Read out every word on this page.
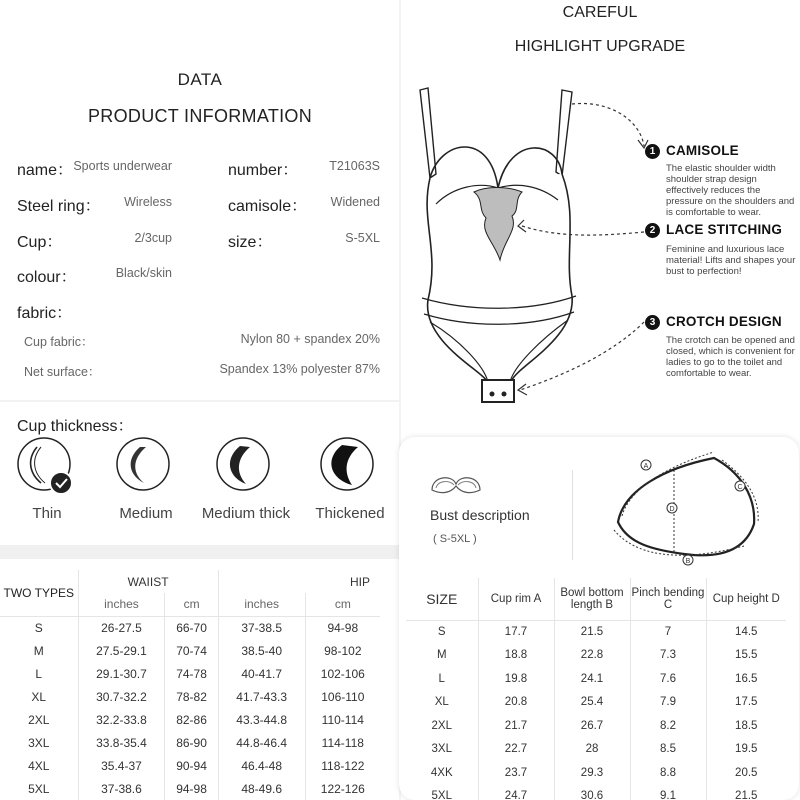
DATA
PRODUCT INFORMATION
name： Sports underwear	number：	T21063S
Steel ring： Wireless	camisole：	Widened
Cup：	2/3cup	size：	S-5XL
colour：	Black/skin
fabric：
Cup fabric：	Nylon 80 + spandex 20%
Net surface：	Spandex 13% polyester 87%
Cup thickness：
Thin	Medium	Medium thick	Thickened
TWO TYPES	WAIIST		HIP	
	inches	cm	inches	cm
S	26-27.5	66-70	37-38.5	94-98
M	27.5-29.1	70-74	38.5-40	98-102
L	29.1-30.7	74-78	40-41.7	102-106
XL	30.7-32.2	78-82	41.7-43.3	106-110
2XL	32.2-33.8	82-86	43.3-44.8	110-114
3XL	33.8-35.4	86-90	44.8-46.4	114-118
4XL	35.4-37	90-94	46.4-48	118-122
5XL	37-38.6	94-98	48-49.6	122-126
CAREFUL
HIGHLIGHT UPGRADE
1 CAMISOLE
The elastic shoulder width shoulder strap design effectively reduces the pressure on the shoulders and is comfortable to wear.
2 LACE STITCHING
Feminine and luxurious lace material! Lifts and shapes your bust to perfection!
3 CROTCH DESIGN
The crotch can be opened and closed, which is convenient for ladies to go to the toilet and comfortable to wear.
Bust description
( S-5XL )
A
B
C
D
SIZE	Cup rim A	Bowl bottom length B	Pinch bending C	Cup height D
S	17.7	21.5	7	14.5
M	18.8	22.8	7.3	15.5
L	19.8	24.1	7.6	16.5
XL	20.8	25.4	7.9	17.5
2XL	21.7	26.7	8.2	18.5
3XL	22.7	28	8.5	19.5
4XK	23.7	29.3	8.8	20.5
5XL	24.7	30.6	9.1	21.5
